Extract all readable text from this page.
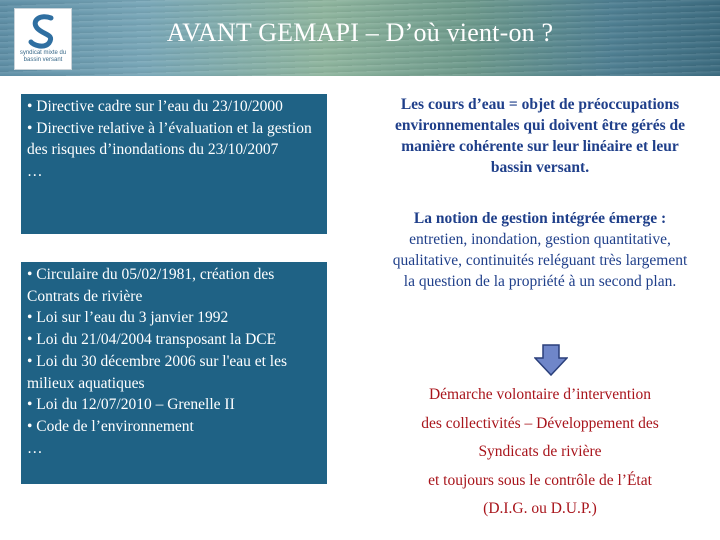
syndicat mixte du
bassin versant
AVANT GEMAPI – D’où vient-on ?

• Directive cadre sur l’eau du 23/10/2000

• Directive relative à l’évaluation et la gestion des risques d’inondations du 23/10/2007

…

• Circulaire du 05/02/1981, création des Contrats de rivière

• Loi sur l’eau du 3 janvier 1992

• Loi du 21/04/2004 transposant la DCE

• Loi du 30 décembre 2006 sur l'eau et les milieux aquatiques

• Loi du 12/07/2010 – Grenelle II

• Code de l’environnement

…

Les cours d’eau = objet de préoccupations environnementales qui doivent être gérés de manière cohérente sur leur linéaire et leur bassin versant.
La notion de gestion intégrée émerge : entretien, inondation, gestion quantitative, qualitative, continuités reléguant très largement la question de la propriété à un second plan.
Démarche volontaire d’intervention
des collectivités – Développement des
Syndicats de rivière
et toujours sous le contrôle de l’État
(D.I.G. ou D.U.P.)
